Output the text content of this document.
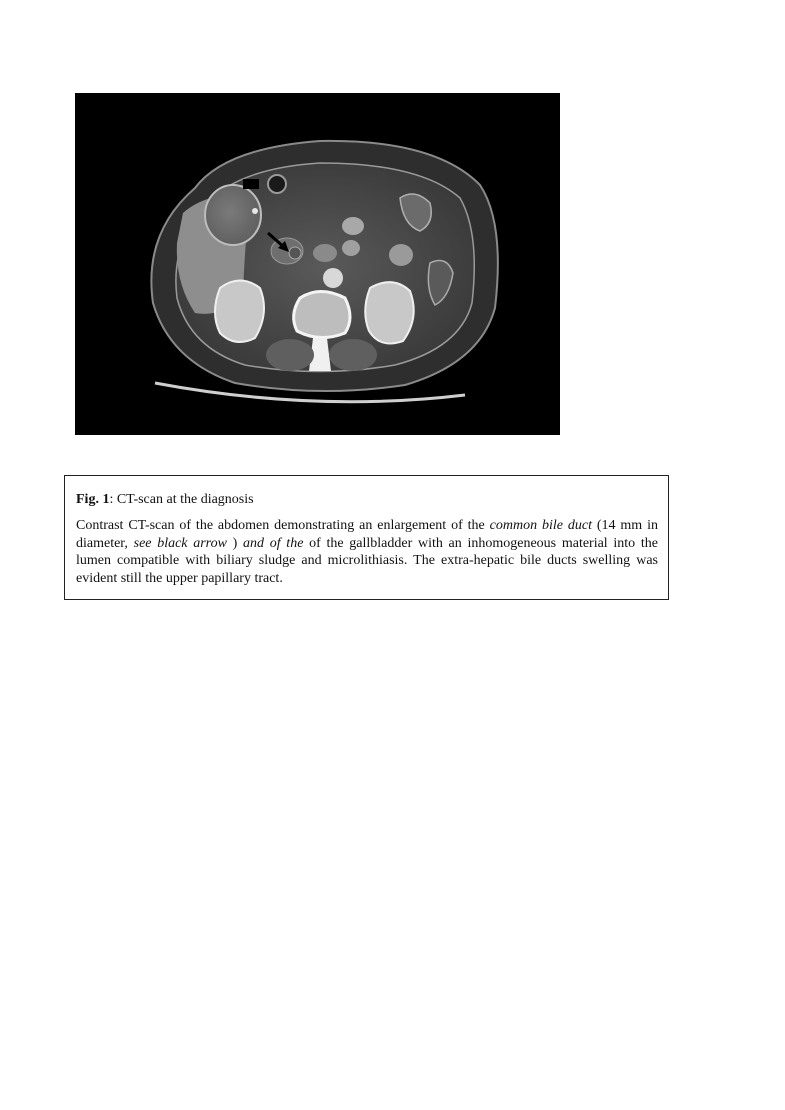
Fig. 1: CT-scan at the diagnosis

Contrast CT-scan of the abdomen demonstrating an enlargement of the common bile duct (14 mm in diameter, see black arrow ) and of the of the gallbladder with an inhomogeneous material into the lumen compatible with biliary sludge and microlithiasis. The extra-hepatic bile ducts swelling was evident still the upper papillary tract.
